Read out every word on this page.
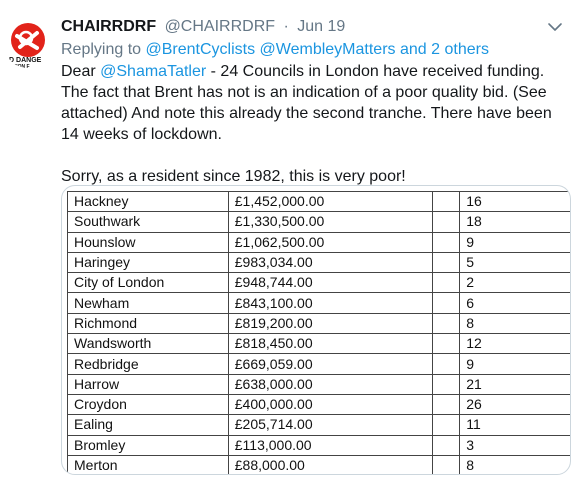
AD DANGE
ACTION F
CHAIRRDRF @CHAIRRDRF · Jun 19
Replying to @BrentCyclists @WembleyMatters and 2 others

Dear @ShamaTatler - 24 Councils in London have received funding. The fact that Brent has not is an indication of a poor quality bid. (See attached) And note this already the second tranche. There have been 14 weeks of lockdown.

Sorry, as a resident since 1982, this is very poor!

Hackney	£1,452,000.00		16
Southwark	£1,330,500.00		18
Hounslow	£1,062,500.00		9
Haringey	£983,034.00		5
City of London	£948,744.00		2
Newham	£843,100.00		6
Richmond	£819,200.00		8
Wandsworth	£818,450.00		12
Redbridge	£669,059.00		9
Harrow	£638,000.00		21
Croydon	£400,000.00		26
Ealing	£205,714.00		11
Bromley	£113,000.00		3
Merton	£88,000.00		8
